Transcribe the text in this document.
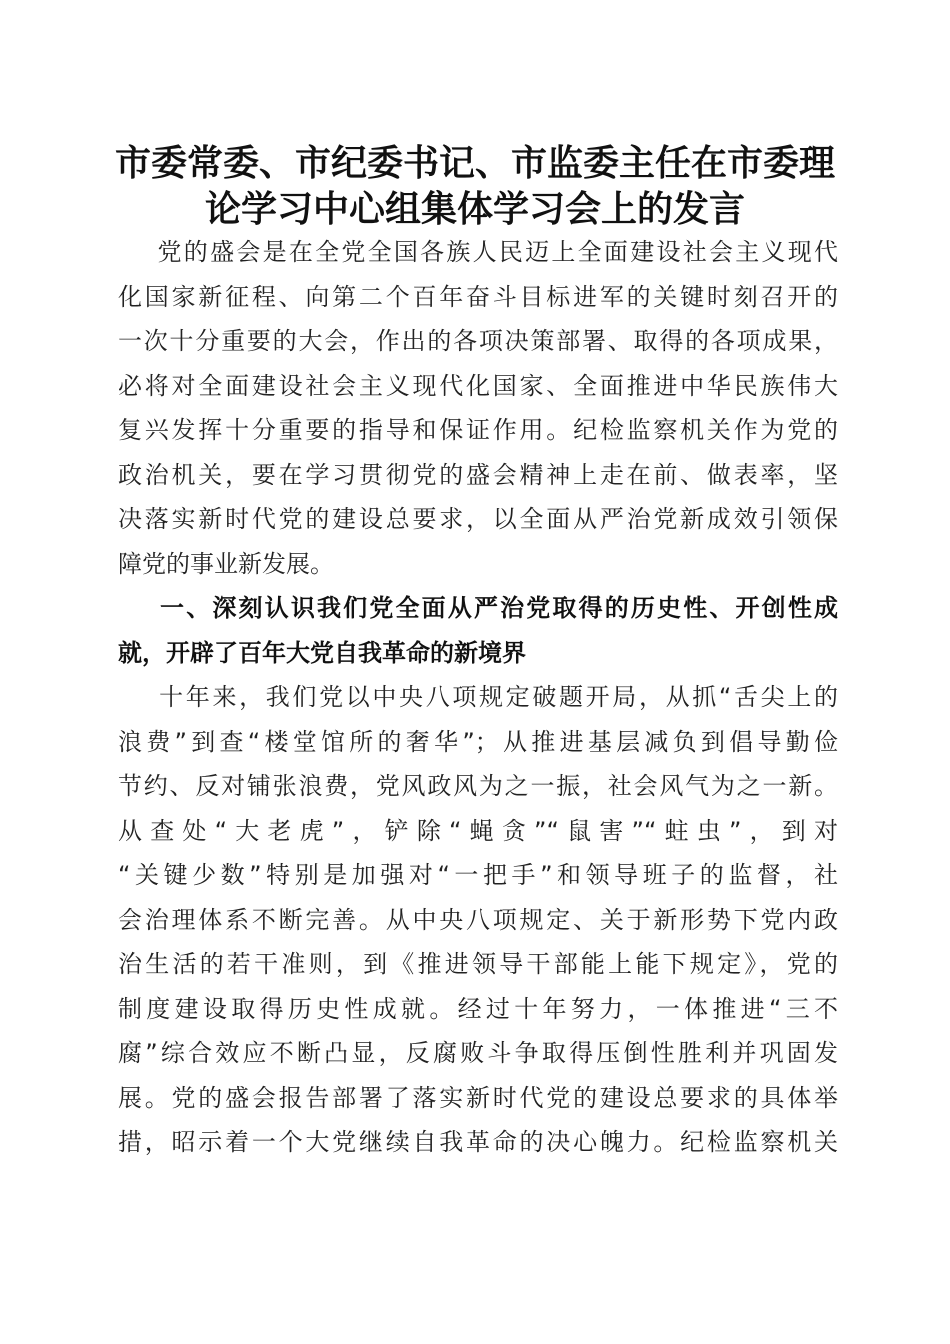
市委常委、市纪委书记、市监委主任在市委理
论学习中心组集体学习会上的发言
党的盛会是在全党全国各族人民迈上全面建设社会主义现代
化国家新征程、向第二个百年奋斗目标进军的关键时刻召开的
一次十分重要的大会，作出的各项决策部署、取得的各项成果，
必将对全面建设社会主义现代化国家、全面推进中华民族伟大
复兴发挥十分重要的指导和保证作用。纪检监察机关作为党的
政治机关，要在学习贯彻党的盛会精神上走在前、做表率，坚
决落实新时代党的建设总要求，以全面从严治党新成效引领保
障党的事业新发展。
一、深刻认识我们党全面从严治党取得的历史性、开创性成
就，开辟了百年大党自我革命的新境界
十年来，我们党以中央八项规定破题开局，从抓“舌尖上的
浪费”到查“楼堂馆所的奢华”；从推进基层减负到倡导勤俭
节约、反对铺张浪费，党风政风为之一振，社会风气为之一新。
从查处“大老虎”，铲除“蝇贪”“鼠害”“蛀虫”，到对
“关键少数”特别是加强对“一把手”和领导班子的监督，社
会治理体系不断完善。从中央八项规定、关于新形势下党内政
治生活的若干准则，到《推进领导干部能上能下规定》，党的
制度建设取得历史性成就。经过十年努力，一体推进“三不
腐”综合效应不断凸显，反腐败斗争取得压倒性胜利并巩固发
展。党的盛会报告部署了落实新时代党的建设总要求的具体举
措，昭示着一个大党继续自我革命的决心魄力。纪检监察机关
